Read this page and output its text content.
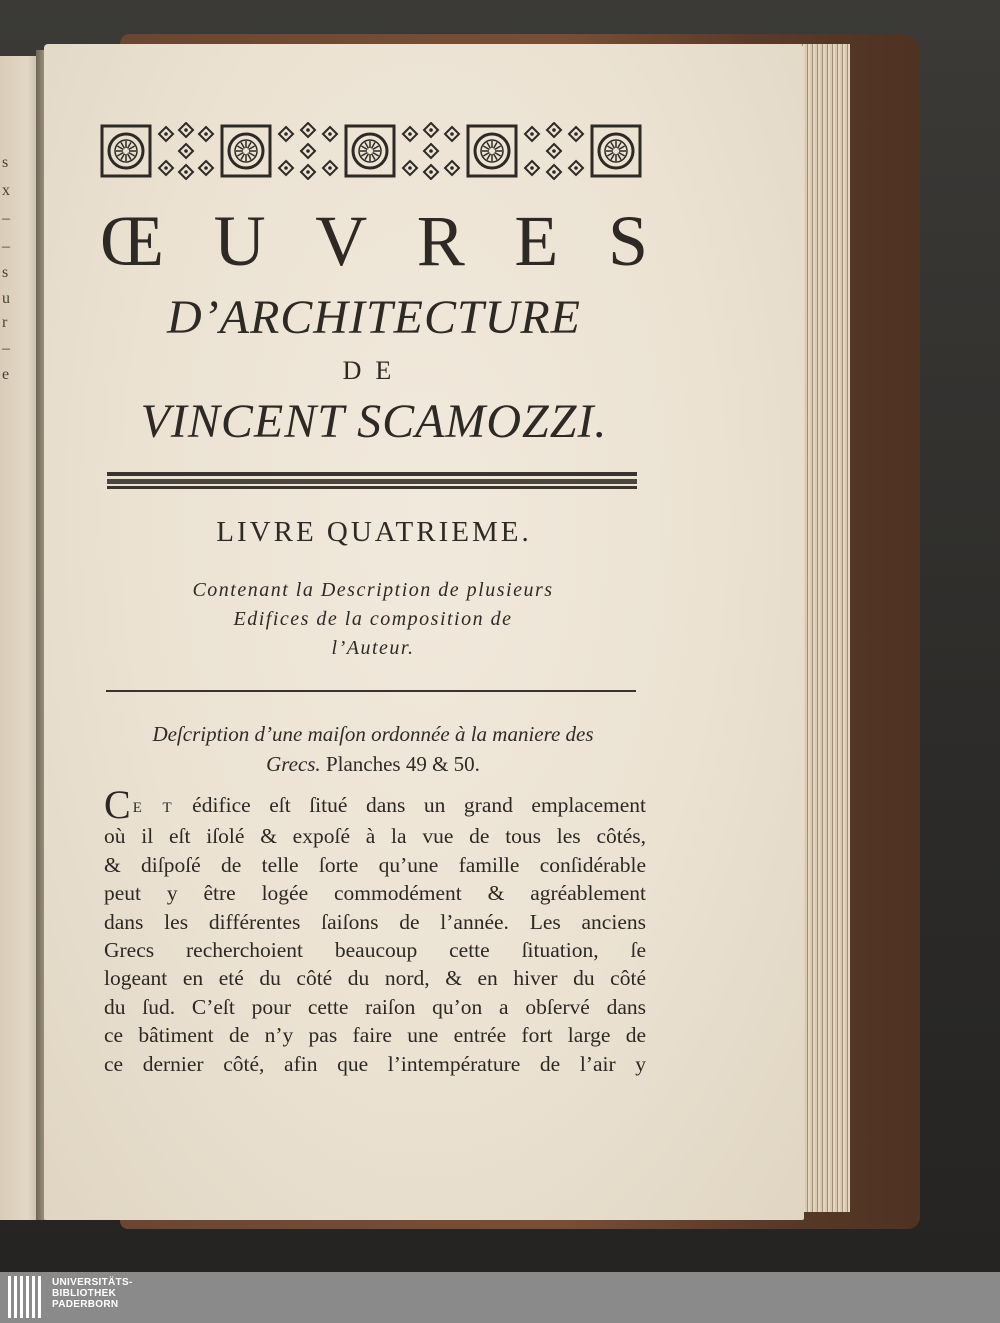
s
x
–
–
s
u
r
–
e
Œ U V R E S
D’ARCHITECTURE
DE
VINCENT SCAMOZZI.
LIVRE QUATRIEME.
Contenant la Description de plusieurs
Edifices de la composition de
l’Auteur.
Deſcription d’une maiſon ordonnée à la maniere des
Grecs. Planches 49 & 50.
C E T édifice eſt ſitué dans un grand emplacement
où il eſt iſolé & expoſé à la vue de tous les côtés,
& diſpoſé de telle ſorte qu’une famille conſidérable
peut y être logée commodément & agréablement
dans les différentes ſaiſons de l’année. Les anciens
Grecs recherchoient beaucoup cette ſituation, ſe
logeant en eté du côté du nord, & en hiver du côté
du ſud. C’eſt pour cette raiſon qu’on a obſervé dans
ce bâtiment de n’y pas faire une entrée fort large de
ce dernier côté, afin que l’intempérature de l’air y
UNIVERSITÄTS-
BIBLIOTHEK
PADERBORN
